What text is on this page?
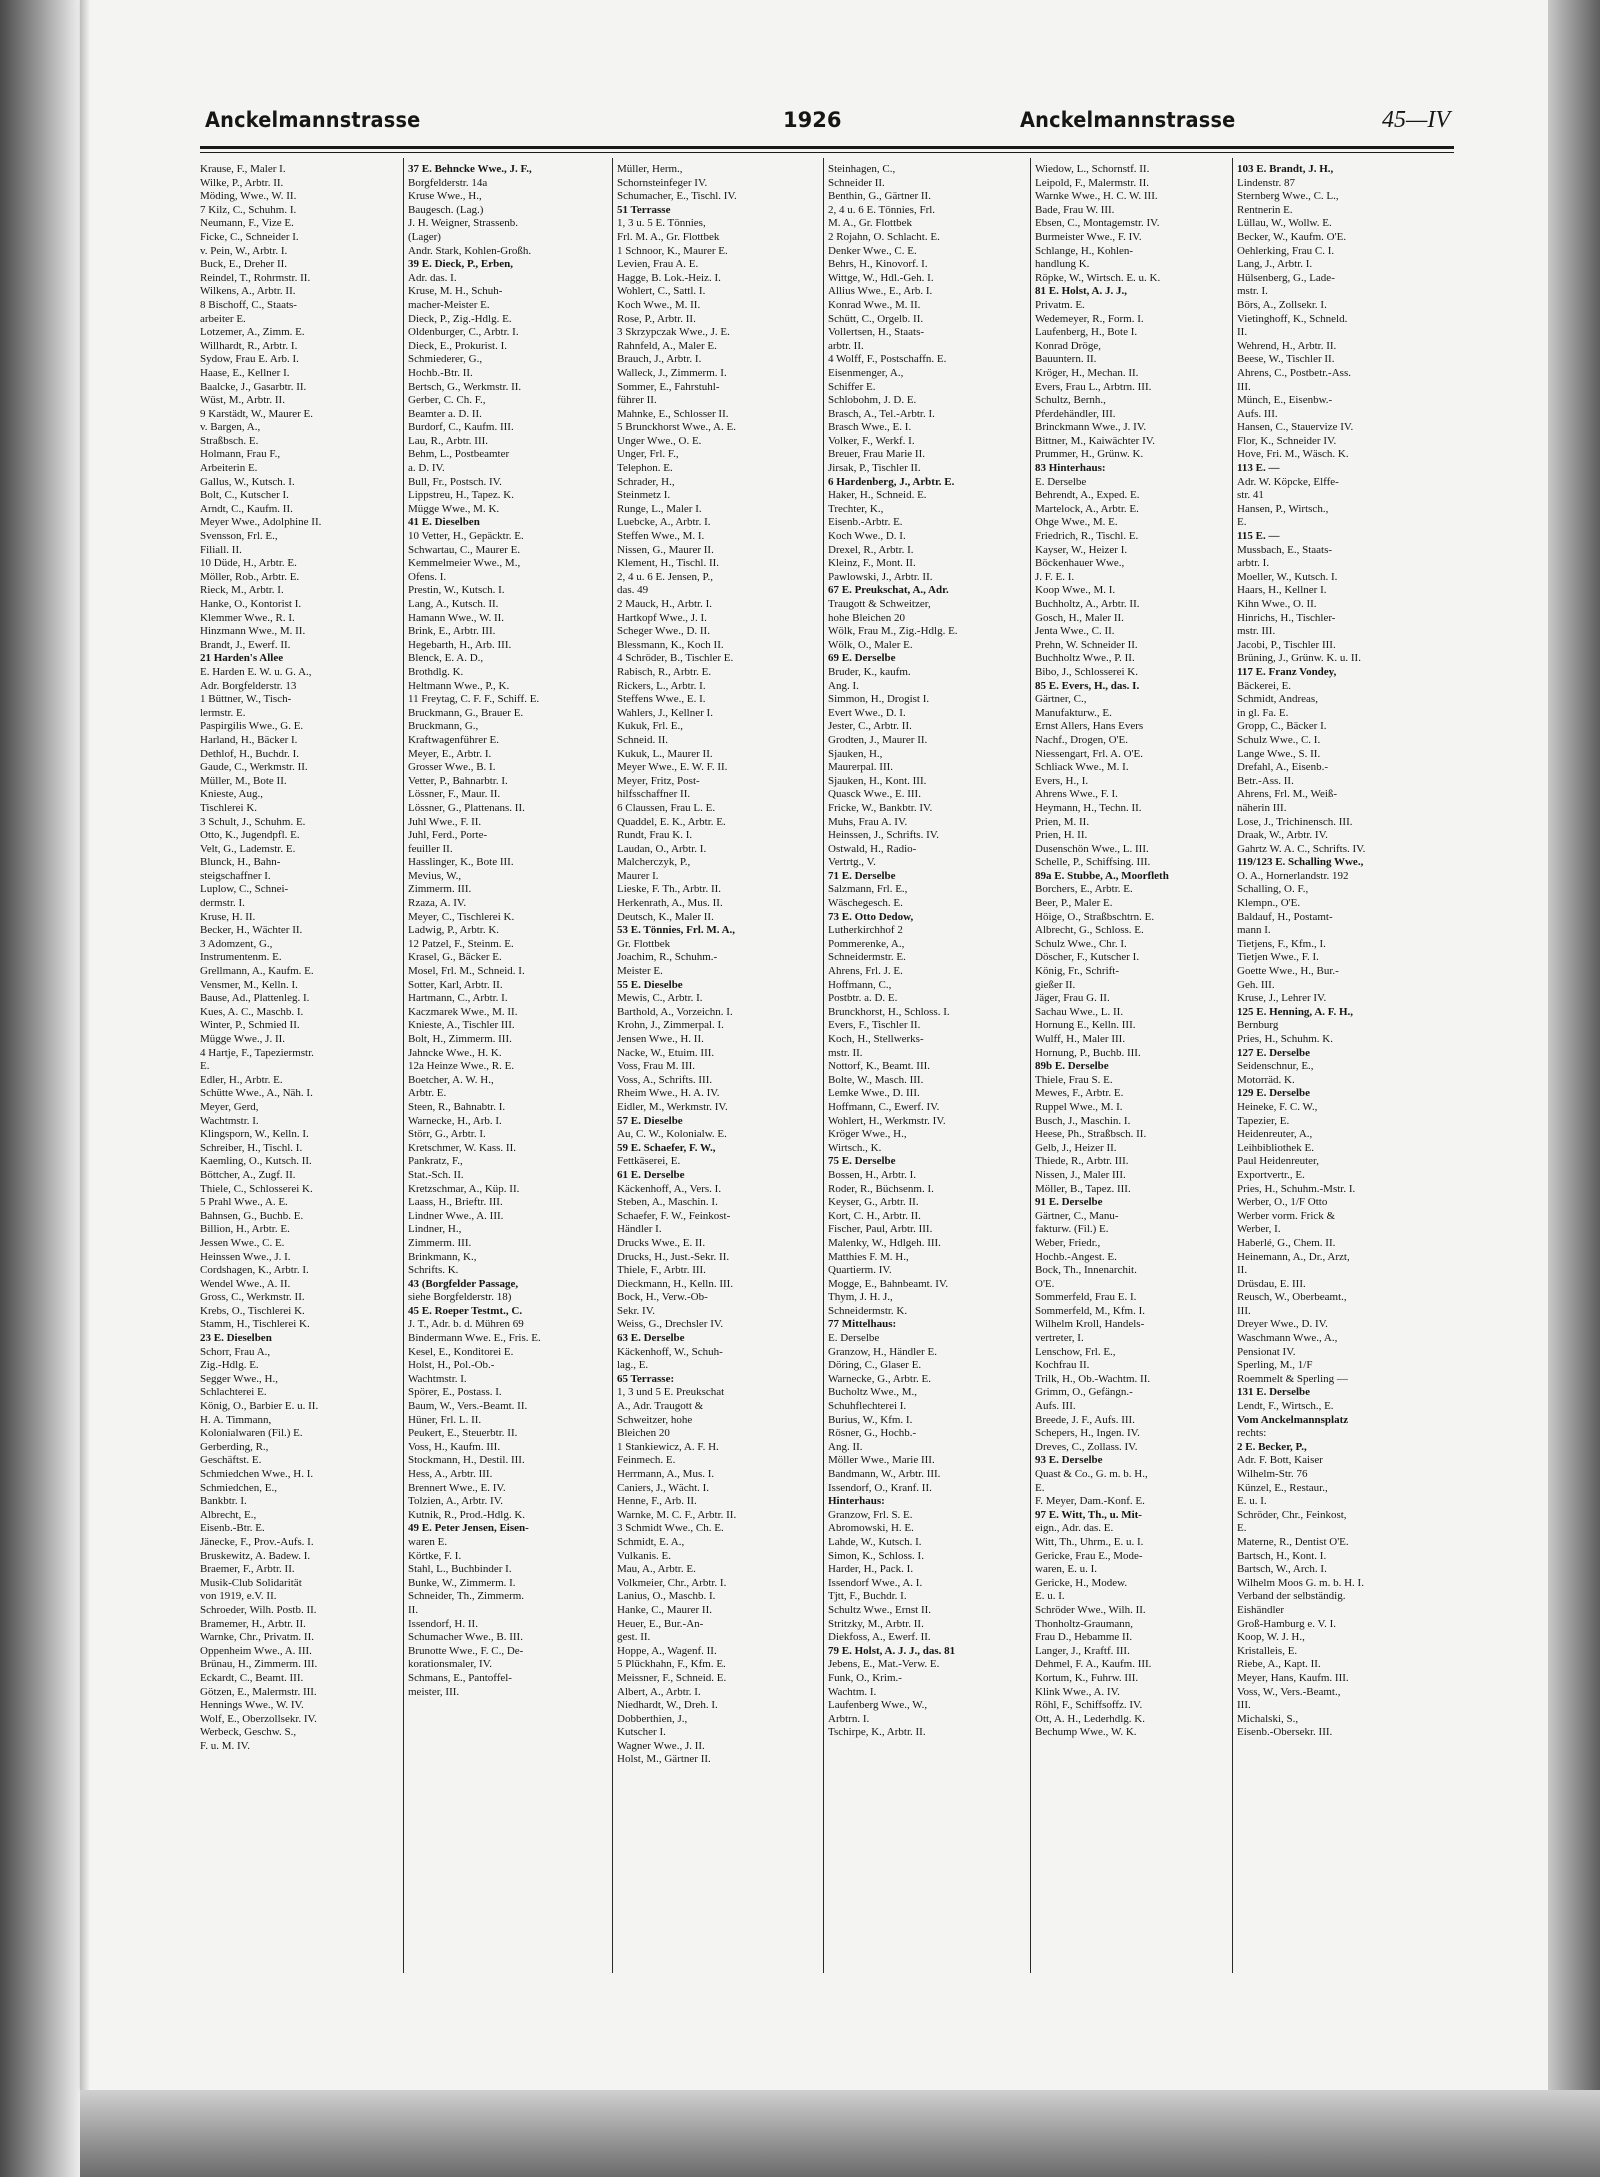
Anckelmannstrasse	1926	Anckelmannstrasse	45—IV
Krause, F., Maler I.
Wilke, P., Arbtr. II.
Möding, Wwe., W. II.
7 Kilz, C., Schuhm. I.
Neumann, F., Vize E.
Ficke, C., Schneider I.
v. Pein, W., Arbtr. I.
Buck, E., Dreher II.
Reindel, T., Rohrmstr. II.
Wilkens, A., Arbtr. II.
8 Bischoff, C., Staats-
arbeiter E.
Lotzemer, A., Zimm. E.
Willhardt, R., Arbtr. I.
Sydow, Frau E. Arb. I.
Haase, E., Kellner I.
Baalcke, J., Gasarbtr. II.
Wüst, M., Arbtr. II.
9 Karstädt, W., Maurer E.
v. Bargen, A.,
Straßbsch. E.
Holmann, Frau F.,
Arbeiterin E.
Gallus, W., Kutsch. I.
Bolt, C., Kutscher I.
Arndt, C., Kaufm. II.
Meyer Wwe., Adolphine II.
Svensson, Frl. E.,
Filiall. II.
10 Düde, H., Arbtr. E.
Möller, Rob., Arbtr. E.
Rieck, M., Arbtr. I.
Hanke, O., Kontorist I.
Klemmer Wwe., R. I.
Hinzmann Wwe., M. II.
Brandt, J., Ewerf. II.
21 Harden's Allee
E. Harden E. W. u. G. A.,
Adr. Borgfelderstr. 13
1 Büttner, W., Tisch-
lermstr. E.
Paspirgilis Wwe., G. E.
Harland, H., Bäcker I.
Dethlof, H., Buchdr. I.
Gaude, C., Werkmstr. II.
Müller, M., Bote II.
Knieste, Aug.,
Tischlerei K.
3 Schult, J., Schuhm. E.
Otto, K., Jugendpfl. E.
Velt, G., Lademstr. E.
Blunck, H., Bahn-
steigschaffner I.
Luplow, C., Schnei-
dermstr. I.
Kruse, H. II.
Becker, H., Wächter II.
3 Adomzent, G.,
Instrumentenm. E.
Grellmann, A., Kaufm. E.
Vensmer, M., Kelln. I.
Bause, Ad., Plattenleg. I.
Kues, A. C., Maschb. I.
Winter, P., Schmied II.
Mügge Wwe., J. II.
4 Hartje, F., Tapeziermstr.
E.
Edler, H., Arbtr. E.
Schütte Wwe., A., Näh. I.
Meyer, Gerd,
Wachtmstr. I.
Klingsporn, W., Kelln. I.
Schreiber, H., Tischl. I.
Kaemling, O., Kutsch. II.
Böttcher, A., Zugf. II.
Thiele, C., Schlosserei K.
5 Prahl Wwe., A. E.
Bahnsen, G., Buchb. E.
Billion, H., Arbtr. E.
Jessen Wwe., C. E.
Heinssen Wwe., J. I.
Cordshagen, K., Arbtr. I.
Wendel Wwe., A. II.
Gross, C., Werkmstr. II.
Krebs, O., Tischlerei K.
Stamm, H., Tischlerei K.
23 E. Dieselben
Schorr, Frau A.,
Zig.-Hdlg. E.
Segger Wwe., H.,
Schlachterei E.
König, O., Barbier E. u. II.
H. A. Timmann,
Kolonialwaren (Fil.) E.
Gerberding, R.,
Geschäftst. E.
Schmiedchen Wwe., H. I.
Schmiedchen, E.,
Bankbtr. I.
Albrecht, E.,
Eisenb.-Btr. E.
Jänecke, F., Prov.-Aufs. I.
Bruskewitz, A. Badew. I.
Braemer, F., Arbtr. II.
Musik-Club Solidarität
von 1919, e.V. II.
Schroeder, Wilh. Postb. II.
Bramemer, H., Arbtr. II.
Warnke, Chr., Privatm. II.
Oppenheim Wwe., A. III.
Brünau, H., Zimmerm. III.
Eckardt, C., Beamt. III.
Götzen, E., Malermstr. III.
Hennings Wwe., W. IV.
Wolf, E., Oberzollsekr. IV.
Werbeck, Geschw. S.,
F. u. M. IV.
37 E. Behncke Wwe., J. F.,
Borgfelderstr. 14a
Kruse Wwe., H.,
Baugesch. (Lag.)
J. H. Weigner, Strassenb.
(Lager)
Andr. Stark, Kohlen-Großh.
39 E. Dieck, P., Erben,
Adr. das. I.
Kruse, M. H., Schuh-
macher-Meister E.
Dieck, P., Zig.-Hdlg. E.
Oldenburger, C., Arbtr. I.
Dieck, E., Prokurist. I.
Schmiederer, G.,
Hochb.-Btr. II.
Bertsch, G., Werkmstr. II.
Gerber, C. Ch. F.,
Beamter a. D. II.
Burdorf, C., Kaufm. III.
Lau, R., Arbtr. III.
Behm, L., Postbeamter
a. D. IV.
Bull, Fr., Postsch. IV.
Lippstreu, H., Tapez. K.
Mügge Wwe., M. K.
41 E. Dieselben
10 Vetter, H., Gepäcktr. E.
Schwartau, C., Maurer E.
Kemmelmeier Wwe., M.,
Ofens. I.
Prestin, W., Kutsch. I.
Lang, A., Kutsch. II.
Hamann Wwe., W. II.
Brink, E., Arbtr. III.
Hegebarth, H., Arb. III.
Blenck, E. A. D.,
Brothdlg. K.
Heltmann Wwe., P., K.
11 Freytag, C. F. F., Schiff. E.
Bruckmann, G., Brauer E.
Bruckmann, G.,
Kraftwagenführer E.
Meyer, E., Arbtr. I.
Grosser Wwe., B. I.
Vetter, P., Bahnarbtr. I.
Lössner, F., Maur. II.
Lössner, G., Plattenans. II.
Juhl Wwe., F. II.
Juhl, Ferd., Porte-
feuiller II.
Hasslinger, K., Bote III.
Mevius, W.,
Zimmerm. III.
Rzaza, A. IV.
Meyer, C., Tischlerei K.
Ladwig, P., Arbtr. K.
12 Patzel, F., Steinm. E.
Krasel, G., Bäcker E.
Mosel, Frl. M., Schneid. I.
Sotter, Karl, Arbtr. II.
Hartmann, C., Arbtr. I.
Kaczmarek Wwe., M. II.
Knieste, A., Tischler III.
Bolt, H., Zimmerm. III.
Jahncke Wwe., H. K.
12a Heinze Wwe., R. E.
Boetcher, A. W. H.,
Arbtr. E.
Steen, R., Bahnabtr. I.
Warnecke, H., Arb. I.
Störr, G., Arbtr. I.
Kretschmer, W. Kass. II.
Pankratz, F.,
Stat.-Sch. II.
Kretzschmar, A., Küp. II.
Laass, H., Brieftr. III.
Lindner Wwe., A. III.
Lindner, H.,
Zimmerm. III.
Brinkmann, K.,
Schrifts. K.
43 (Borgfelder Passage,
siehe Borgfelderstr. 18)
45 E. Roeper Testmt., C.
J. T., Adr. b. d. Mühren 69
Bindermann Wwe. E., Fris. E.
Kesel, E., Konditorei E.
Holst, H., Pol.-Ob.-
Wachtmstr. I.
Spörer, E., Postass. I.
Baum, W., Vers.-Beamt. II.
Hüner, Frl. L. II.
Peukert, E., Steuerbtr. II.
Voss, H., Kaufm. III.
Stockmann, H., Destil. III.
Hess, A., Arbtr. III.
Brennert Wwe., E. IV.
Tolzien, A., Arbtr. IV.
Kutnik, R., Prod.-Hdlg. K.
49 E. Peter Jensen, Eisen-
waren E.
Körtke, F. I.
Stahl, L., Buchbinder I.
Bunke, W., Zimmerm. I.
Schneider, Th., Zimmerm.
II.
Issendorf, H. II.
Schumacher Wwe., B. III.
Brunotte Wwe., F. C., De-
korationsmaler, IV.
Schmans, E., Pantoffel-
meister, III.
Müller, Herm.,
Schornsteinfeger IV.
Schumacher, E., Tischl. IV.
51 Terrasse
1, 3 u. 5 E. Tönnies,
Frl. M. A., Gr. Flottbek
1 Schnoor, K., Maurer E.
Levien, Frau A. E.
Hagge, B. Lok.-Heiz. I.
Wohlert, C., Sattl. I.
Koch Wwe., M. II.
Rose, P., Arbtr. II.
3 Skrzypczak Wwe., J. E.
Rahnfeld, A., Maler E.
Brauch, J., Arbtr. I.
Walleck, J., Zimmerm. I.
Sommer, E., Fahrstuhl-
führer II.
Mahnke, E., Schlosser II.
5 Brunckhorst Wwe., A. E.
Unger Wwe., O. E.
Unger, Frl. F.,
Telephon. E.
Schrader, H.,
Steinmetz I.
Runge, L., Maler I.
Luebcke, A., Arbtr. I.
Steffen Wwe., M. I.
Nissen, G., Maurer II.
Klement, H., Tischl. II.
2, 4 u. 6 E. Jensen, P.,
das. 49
2 Mauck, H., Arbtr. I.
Hartkopf Wwe., J. I.
Scheger Wwe., D. II.
Blessmann, K., Koch II.
4 Schröder, B., Tischler E.
Rabisch, R., Arbtr. E.
Rickers, L., Arbtr. I.
Steffens Wwe., E. I.
Wahlers, J., Kellner I.
Kukuk, Frl. E.,
Schneid. II.
Kukuk, L., Maurer II.
Meyer Wwe., E. W. F. II.
Meyer, Fritz, Post-
hilfsschaffner II.
6 Claussen, Frau L. E.
Quaddel, E. K., Arbtr. E.
Rundt, Frau K. I.
Laudan, O., Arbtr. I.
Malcherczyk, P.,
Maurer I.
Lieske, F. Th., Arbtr. II.
Herkenrath, A., Mus. II.
Deutsch, K., Maler II.
53 E. Tönnies, Frl. M. A.,
Gr. Flottbek
Joachim, R., Schuhm.-
Meister E.
55 E. Dieselbe
Mewis, C., Arbtr. I.
Barthold, A., Vorzeichn. I.
Krohn, J., Zimmerpal. I.
Jensen Wwe., H. II.
Nacke, W., Etuim. III.
Voss, Frau M. III.
Voss, A., Schrifts. III.
Rheim Wwe., H. A. IV.
Eidler, M., Werkmstr. IV.
57 E. Dieselbe
Au, C. W., Kolonialw. E.
59 E. Schaefer, F. W.,
Fettkäserei, E.
61 E. Derselbe
Käckenhoff, A., Vers. I.
Steben, A., Maschin. I.
Schaefer, F. W., Feinkost-
Händler I.
Drucks Wwe., E. II.
Drucks, H., Just.-Sekr. II.
Thiele, F., Arbtr. III.
Dieckmann, H., Kelln. III.
Bock, H., Verw.-Ob-
Sekr. IV.
Weiss, G., Drechsler IV.
63 E. Derselbe
Käckenhoff, W., Schuh-
lag., E.
65 Terrasse:
1, 3 und 5 E. Preukschat
A., Adr. Traugott &
Schweitzer, hohe
Bleichen 20
1 Stankiewicz, A. F. H.
Feinmech. E.
Herrmann, A., Mus. I.
Caniers, J., Wächt. I.
Henne, F., Arb. II.
Warnke, M. C. F., Arbtr. II.
3 Schmidt Wwe., Ch. E.
Schmidt, E. A.,
Vulkanis. E.
Mau, A., Arbtr. E.
Volkmeier, Chr., Arbtr. I.
Lanius, O., Maschb. I.
Hanke, C., Maurer II.
Heuer, E., Bur.-An-
gest. II.
Hoppe, A., Wagenf. II.
5 Plückhahn, F., Kfm. E.
Meissner, F., Schneid. E.
Albert, A., Arbtr. I.
Niedhardt, W., Dreh. I.
Dobberthien, J.,
Kutscher I.
Wagner Wwe., J. II.
Holst, M., Gärtner II.
Steinhagen, C.,
Schneider II.
Benthin, G., Gärtner II.
2, 4 u. 6 E. Tönnies, Frl.
M. A., Gr. Flottbek
2 Rojahn, O. Schlacht. E.
Denker Wwe., C. E.
Behrs, H., Kinovorf. I.
Wittge, W., Hdl.-Geh. I.
Allius Wwe., E., Arb. I.
Konrad Wwe., M. II.
Schütt, C., Orgelb. II.
Vollertsen, H., Staats-
arbtr. II.
4 Wolff, F., Postschaffn. E.
Eisenmenger, A.,
Schiffer E.
Schlobohm, J. D. E.
Brasch, A., Tel.-Arbtr. I.
Brasch Wwe., E. I.
Volker, F., Werkf. I.
Breuer, Frau Marie II.
Jirsak, P., Tischler II.
6 Hardenberg, J., Arbtr. E.
Haker, H., Schneid. E.
Trechter, K.,
Eisenb.-Arbtr. E.
Koch Wwe., D. I.
Drexel, R., Arbtr. I.
Kleinz, F., Mont. II.
Pawlowski, J., Arbtr. II.
67 E. Preukschat, A., Adr.
Traugott & Schweitzer,
hohe Bleichen 20
Wölk, Frau M., Zig.-Hdlg. E.
Wölk, O., Maler E.
69 E. Derselbe
Bruder, K., kaufm.
Ang. I.
Simmon, H., Drogist I.
Evert Wwe., D. I.
Jester, C., Arbtr. II.
Grodten, J., Maurer II.
Sjauken, H.,
Maurerpal. III.
Sjauken, H., Kont. III.
Quasck Wwe., E. III.
Fricke, W., Bankbtr. IV.
Muhs, Frau A. IV.
Heinssen, J., Schrifts. IV.
Ostwald, H., Radio-
Vertrtg., V.
71 E. Derselbe
Salzmann, Frl. E.,
Wäschegesch. E.
73 E. Otto Dedow,
Lutherkirchhof 2
Pommerenke, A.,
Schneidermstr. E.
Ahrens, Frl. J. E.
Hoffmann, C.,
Postbtr. a. D. E.
Brunckhorst, H., Schloss. I.
Evers, F., Tischler II.
Koch, H., Stellwerks-
mstr. II.
Nottorf, K., Beamt. III.
Bolte, W., Masch. III.
Lemke Wwe., D. III.
Hoffmann, C., Ewerf. IV.
Wohlert, H., Werkmstr. IV.
Kröger Wwe., H.,
Wirtsch., K.
75 E. Derselbe
Bossen, H., Arbtr. I.
Roder, R., Büchsenm. I.
Keyser, G., Arbtr. II.
Kort, C. H., Arbtr. II.
Fischer, Paul, Arbtr. III.
Malenky, W., Hdlgeh. III.
Matthies F. M. H.,
Quartierm. IV.
Mogge, E., Bahnbeamt. IV.
Thym, J. H. J.,
Schneidermstr. K.
77 Mittelhaus:
E. Derselbe
Granzow, H., Händler E.
Döring, C., Glaser E.
Warnecke, G., Arbtr. E.
Bucholtz Wwe., M.,
Schuhflechterei I.
Burius, W., Kfm. I.
Rösner, G., Hochb.-
Ang. II.
Möller Wwe., Marie III.
Bandmann, W., Arbtr. III.
Issendorf, O., Kranf. II.
Hinterhaus:
Granzow, Frl. S. E.
Abromowski, H. E.
Lahde, W., Kutsch. I.
Simon, K., Schloss. I.
Harder, H., Pack. I.
Issendorf Wwe., A. I.
Tjtt, F., Buchdr. I.
Schultz Wwe., Ernst II.
Stritzky, M., Arbtr. II.
Diekfoss, A., Ewerf. II.
79 E. Holst, A. J. J., das. 81
Jebens, E., Mat.-Verw. E.
Funk, O., Krim.-
Wachtm. I.
Laufenberg Wwe., W.,
Arbtrn. I.
Tschirpe, K., Arbtr. II.
Wiedow, L., Schornstf. II.
Leipold, F., Malermstr. II.
Warnke Wwe., H. C. W. III.
Bade, Frau W. III.
Ebsen, C., Montagemstr. IV.
Burmeister Wwe., F. IV.
Schlange, H., Kohlen-
handlung K.
Röpke, W., Wirtsch. E. u. K.
81 E. Holst, A. J. J.,
Privatm. E.
Wedemeyer, R., Form. I.
Laufenberg, H., Bote I.
Konrad Dröge,
Bauuntern. II.
Kröger, H., Mechan. II.
Evers, Frau L., Arbtrn. III.
Schultz, Bernh.,
Pferdehändler, III.
Brinckmann Wwe., J. IV.
Bittner, M., Kaiwächter IV.
Prummer, H., Grünw. K.
83 Hinterhaus:
E. Derselbe
Behrendt, A., Exped. E.
Martelock, A., Arbtr. E.
Ohge Wwe., M. E.
Friedrich, R., Tischl. E.
Kayser, W., Heizer I.
Böckenhauer Wwe.,
J. F. E. I.
Koop Wwe., M. I.
Buchholtz, A., Arbtr. II.
Gosch, H., Maler II.
Jenta Wwe., C. II.
Prehn, W. Schneider II.
Buchholtz Wwe., P. II.
Bibo, J., Schlosserei K.
85 E. Evers, H., das. I.
Gärtner, C.,
Manufakturw., E.
Ernst Allers, Hans Evers
Nachf., Drogen, O'E.
Niessengart, Frl. A. O'E.
Schliack Wwe., M. I.
Evers, H., I.
Ahrens Wwe., F. I.
Heymann, H., Techn. II.
Prien, M. II.
Prien, H. II.
Dusenschön Wwe., L. III.
Schelle, P., Schiffsing. III.
89a E. Stubbe, A., Moorfleth
Borchers, E., Arbtr. E.
Beer, P., Maler E.
Höige, O., Straßbschtrn. E.
Albrecht, G., Schloss. E.
Schulz Wwe., Chr. I.
Döscher, F., Kutscher I.
König, Fr., Schrift-
gießer II.
Jäger, Frau G. II.
Sachau Wwe., L. II.
Hornung E., Kelln. III.
Wulff, H., Maler III.
Hornung, P., Buchb. III.
89b E. Derselbe
Thiele, Frau S. E.
Mewes, F., Arbtr. E.
Ruppel Wwe., M. I.
Busch, J., Maschin. I.
Heese, Ph., Straßbsch. II.
Gelb, J., Heizer II.
Thiede, R., Arbtr. III.
Nissen, J., Maler III.
Möller, B., Tapez. III.
91 E. Derselbe
Gärtner, C., Manu-
fakturw. (Fil.) E.
Weber, Friedr.,
Hochb.-Angest. E.
Bock, Th., Innenarchit.
O'E.
Sommerfeld, Frau E. I.
Sommerfeld, M., Kfm. I.
Wilhelm Kroll, Handels-
vertreter, I.
Lenschow, Frl. E.,
Kochfrau II.
Trilk, H., Ob.-Wachtm. II.
Grimm, O., Gefängn.-
Aufs. III.
Breede, J. F., Aufs. III.
Schepers, H., Ingen. IV.
Dreves, C., Zollass. IV.
93 E. Derselbe
Quast & Co., G. m. b. H.,
E.
F. Meyer, Dam.-Konf. E.
97 E. Witt, Th., u. Mit-
eign., Adr. das. E.
Witt, Th., Uhrm., E. u. I.
Gericke, Frau E., Mode-
waren, E. u. I.
Gericke, H., Modew.
E. u. I.
Schröder Wwe., Wilh. II.
Thonholtz-Graumann,
Frau D., Hebamme II.
Langer, J., Kraftf. III.
Dehmel, F. A., Kaufm. III.
Kortum, K., Fuhrw. III.
Klink Wwe., A. IV.
Röhl, F., Schiffsoffz. IV.
Ott, A. H., Lederhdlg. K.
Bechump Wwe., W. K.
103 E. Brandt, J. H.,
Lindenstr. 87
Sternberg Wwe., C. L.,
Rentnerin E.
Lüllau, W., Wollw. E.
Becker, W., Kaufm. O'E.
Oehlerking, Frau C. I.
Lang, J., Arbtr. I.
Hülsenberg, G., Lade-
mstr. I.
Börs, A., Zollsekr. I.
Vietinghoff, K., Schneld.
II.
Wehrend, H., Arbtr. II.
Beese, W., Tischler II.
Ahrens, C., Postbetr.-Ass.
III.
Münch, E., Eisenbw.-
Aufs. III.
Hansen, C., Stauervize IV.
Flor, K., Schneider IV.
Hove, Fri. M., Wäsch. K.
113 E. —
Adr. W. Köpcke, Elffe-
str. 41
Hansen, P., Wirtsch.,
E.
115 E. —
Mussbach, E., Staats-
arbtr. I.
Moeller, W., Kutsch. I.
Haars, H., Kellner I.
Kihn Wwe., O. II.
Hinrichs, H., Tischler-
mstr. III.
Jacobi, P., Tischler III.
Brüning, J., Grünw. K. u. II.
117 E. Franz Vondey,
Bäckerei, E.
Schmidt, Andreas,
in gl. Fa. E.
Gropp, C., Bäcker I.
Schulz Wwe., C. I.
Lange Wwe., S. II.
Drefahl, A., Eisenb.-
Betr.-Ass. II.
Ahrens, Frl. M., Weiß-
näherin III.
Lose, J., Trichinensch. III.
Draak, W., Arbtr. IV.
Gahrtz W. A. C., Schrifts. IV.
119/123 E. Schalling Wwe.,
O. A., Hornerlandstr. 192
Schalling, O. F.,
Klempn., O'E.
Baldauf, H., Postamt-
mann I.
Tietjens, F., Kfm., I.
Tietjen Wwe., F. I.
Goette Wwe., H., Bur.-
Geh. III.
Kruse, J., Lehrer IV.
125 E. Henning, A. F. H.,
Bernburg
Pries, H., Schuhm. K.
127 E. Derselbe
Seidenschnur, E.,
Motorräd. K.
129 E. Derselbe
Heineke, F. C. W.,
Tapezier, E.
Heidenreuter, A.,
Leihbibliothek E.
Paul Heidenreuter,
Exportvertr., E.
Pries, H., Schuhm.-Mstr. I.
Werber, O., 1/F Otto
Werber vorm. Frick &
Werber, I.
Haberlé, G., Chem. II.
Heinemann, A., Dr., Arzt,
II.
Drüsdau, E. III.
Reusch, W., Oberbeamt.,
III.
Dreyer Wwe., D. IV.
Waschmann Wwe., A.,
Pensionat IV.
Sperling, M., 1/F
Roemmelt & Sperling —
131 E. Derselbe
Lendt, F., Wirtsch., E.
Vom Anckelmannsplatz
rechts:
2 E. Becker, P.,
Adr. F. Bott, Kaiser
Wilhelm-Str. 76
Künzel, E., Restaur.,
E. u. I.
Schröder, Chr., Feinkost,
E.
Materne, R., Dentist O'E.
Bartsch, H., Kont. I.
Bartsch, W., Arch. I.
Wilhelm Moos G. m. b. H. I.
Verband der selbständig.
Eishändler
Groß-Hamburg e. V. I.
Koop, W. J. H.,
Kristalleis, E.
Riebe, A., Kapt. II.
Meyer, Hans, Kaufm. III.
Voss, W., Vers.-Beamt.,
III.
Michalski, S.,
Eisenb.-Obersekr. III.
